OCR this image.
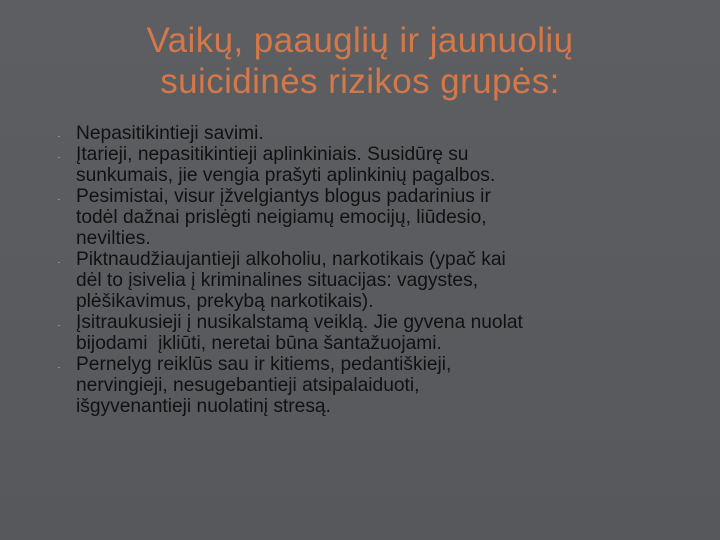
Vaikų, paauglių ir jaunuolių
suicidinės rizikos grupės:
· Nepasitikintieji savimi.
· Įtarieji, nepasitikintieji aplinkiniais. Susidūrę su
sunkumais, jie vengia prašyti aplinkinių pagalbos.
· Pesimistai, visur įžvelgiantys blogus padarinius ir
todėl dažnai prislėgti neigiamų emocijų, liūdesio,
nevilties.
· Piktnaudžiaujantieji alkoholiu, narkotikais (ypač kai
dėl to įsivelia į kriminalines situacijas: vagystes,
plėšikavimus, prekybą narkotikais).
· Įsitraukusieji į nusikalstamą veiklą. Jie gyvena nuolat
bijodami  įkliūti, neretai būna šantažuojami.
· Pernelyg reiklūs sau ir kitiems, pedantiškieji,
nervingieji, nesugebantieji atsipalaiduoti,
išgyvenantieji nuolatinį stresą.
